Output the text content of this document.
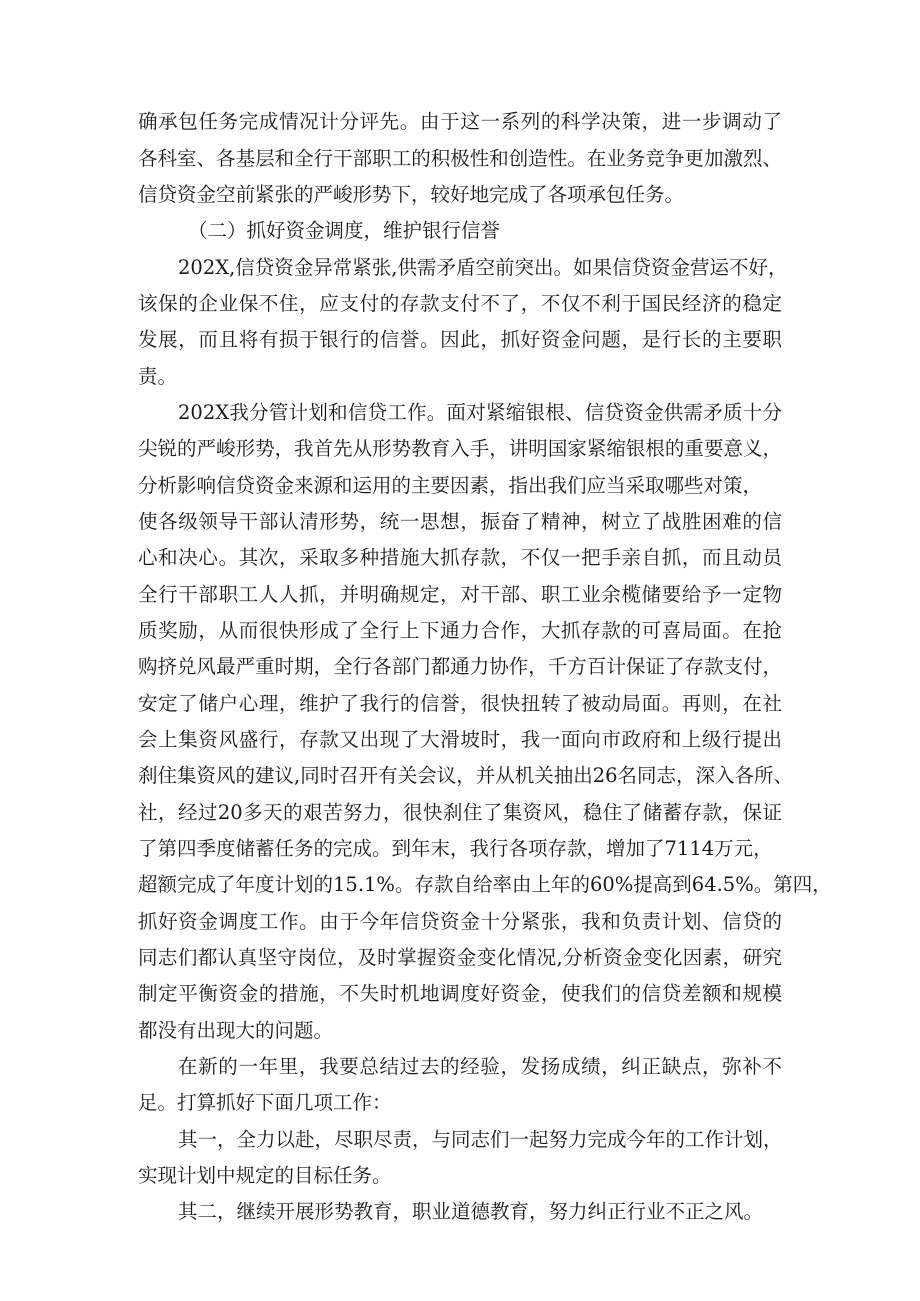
确承包任务完成情况计分评先。由于这一系列的科学决策，进一步调动了

各科室、各基层和全行干部职工的积极性和创造性。在业务竞争更加激烈、

信贷资金空前紧张的严峻形势下，较好地完成了各项承包任务。

（二）抓好资金调度，维护银行信誉

202X,信贷资金异常紧张,供需矛盾空前突出。如果信贷资金营运不好，

该保的企业保不住，应支付的存款支付不了，不仅不利于国民经济的稳定

发展，而且将有损于银行的信誉。因此，抓好资金问题，是行长的主要职

责。

202X我分管计划和信贷工作。面对紧缩银根、信贷资金供需矛质十分

尖锐的严峻形势，我首先从形势教育入手，讲明国家紧缩银根的重要意义，

分析影响信贷资金来源和运用的主要因素，指出我们应当采取哪些对策，

使各级领导干部认清形势，统一思想，振奋了精神，树立了战胜困难的信

心和决心。其次，采取多种措施大抓存款，不仅一把手亲自抓，而且动员

全行干部职工人人抓，并明确规定，对干部、职工业余榄储要给予一定物

质奖励，从而很快形成了全行上下通力合作，大抓存款的可喜局面。在抢

购挤兑风最严重时期，全行各部门都通力协作，千方百计保证了存款支付，

安定了储户心理，维护了我行的信誉，很快扭转了被动局面。再则，在社

会上集资风盛行，存款又出现了大滑坡时，我一面向市政府和上级行提出

刹住集资风的建议,同时召开有关会议，并从机关抽出26名同志，深入各所、

社，经过20多天的艰苦努力，很快刹住了集资风，稳住了储蓄存款，保证

了第四季度储蓄任务的完成。到年末，我行各项存款，增加了7114万元，

超额完成了年度计划的15.1%。存款自给率由上年的60%提高到64.5%。第四，

抓好资金调度工作。由于今年信贷资金十分紧张，我和负责计划、信贷的

同志们都认真坚守岗位，及时掌握资金变化情况,分析资金变化因素，研究

制定平衡资金的措施，不失时机地调度好资金，使我们的信贷差额和规模

都没有出现大的问题。

在新的一年里，我要总结过去的经验，发扬成绩，纠正缺点，弥补不

足。打算抓好下面几项工作：

其一，全力以赴，尽职尽责，与同志们一起努力完成今年的工作计划，

实现计划中规定的目标任务。

其二，继续开展形势教育，职业道德教育，努力纠正行业不正之风。
